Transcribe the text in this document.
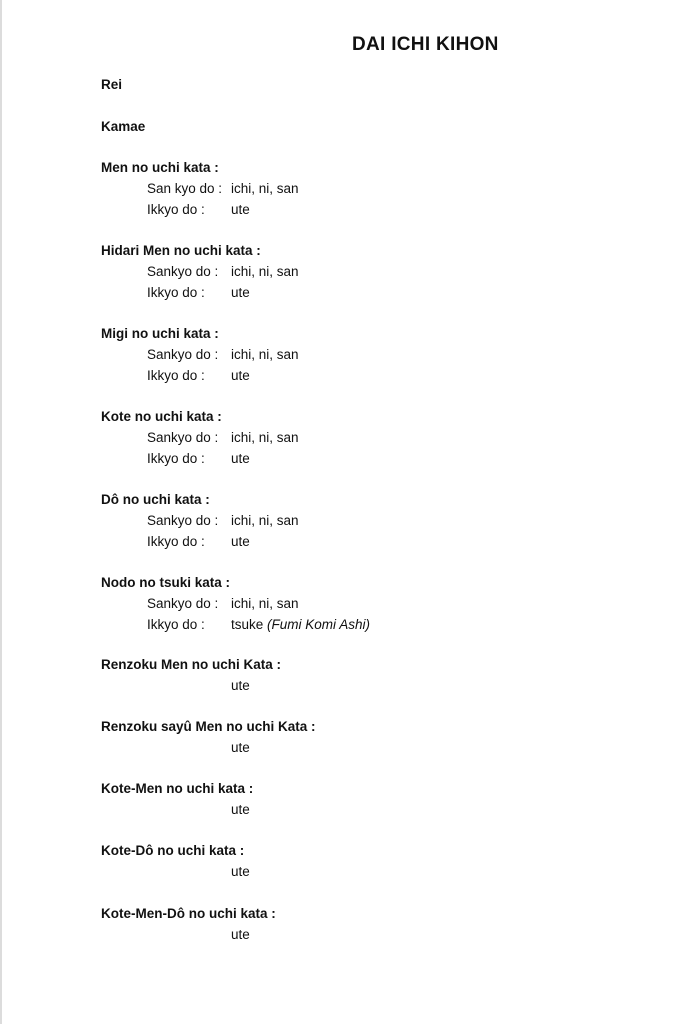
DAI ICHI KIHON
Rei
Kamae
Men no uchi kata :
San kyo do : ichi, ni, san
Ikkyo do : ute
Hidari Men no uchi kata :
Sankyo do : ichi, ni, san
Ikkyo do : ute
Migi no uchi kata :
Sankyo do : ichi, ni, san
Ikkyo do : ute
Kote no uchi kata :
Sankyo do : ichi, ni, san
Ikkyo do : ute
Dô no uchi kata :
Sankyo do : ichi, ni, san
Ikkyo do : ute
Nodo no tsuki kata :
Sankyo do : ichi, ni, san
Ikkyo do : tsuke (Fumi Komi Ashi)
Renzoku Men no uchi Kata :
ute
Renzoku sayû Men no uchi Kata :
ute
Kote-Men no uchi kata :
ute
Kote-Dô no uchi kata :
ute
Kote-Men-Dô no uchi kata :
ute
